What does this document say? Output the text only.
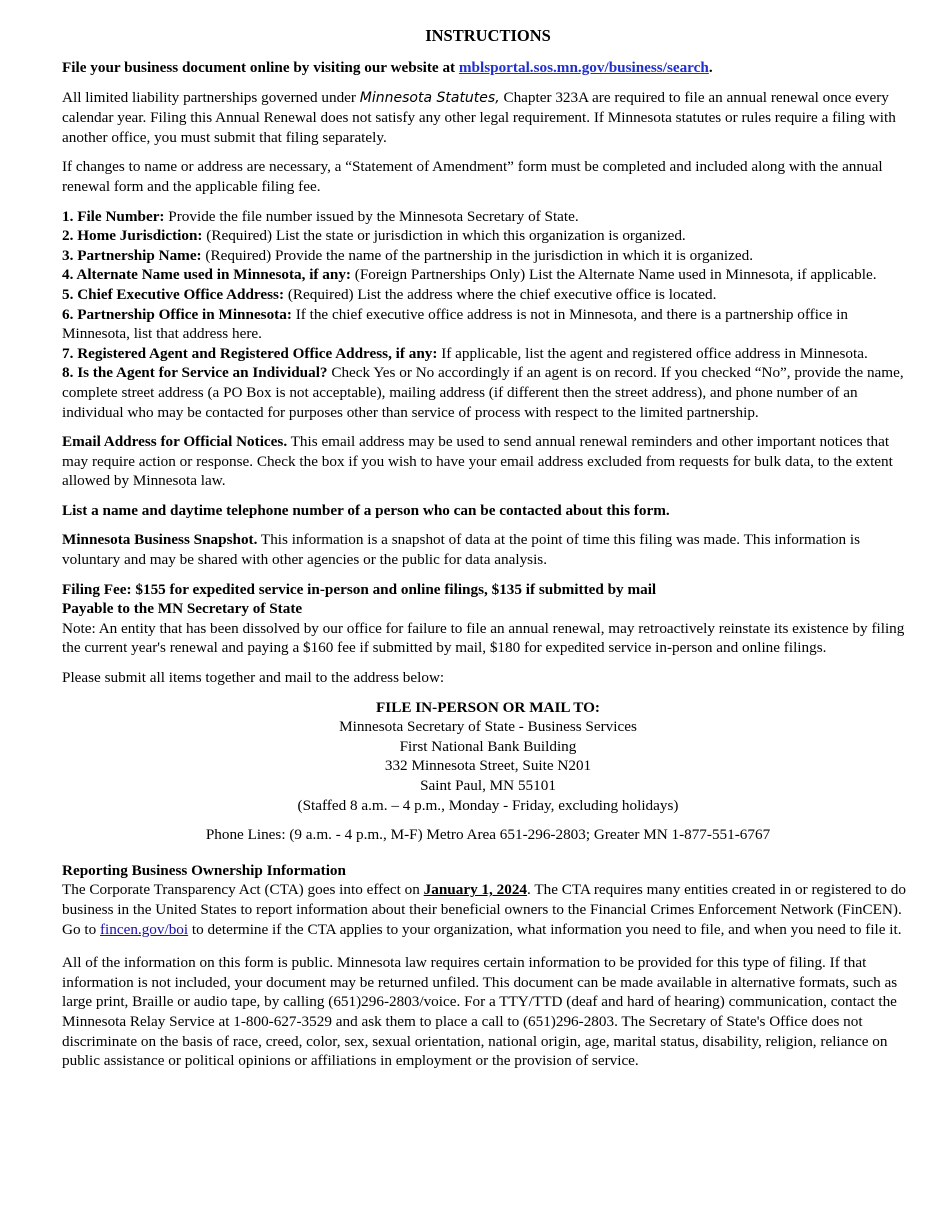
INSTRUCTIONS

File your business document online by visiting our website at mblsportal.sos.mn.gov/business/search.

All limited liability partnerships governed under Minnesota Statutes, Chapter 323A are required to file an annual renewal once every calendar year. Filing this Annual Renewal does not satisfy any other legal requirement. If Minnesota statutes or rules require a filing with another office, you must submit that filing separately.

If changes to name or address are necessary, a “Statement of Amendment” form must be completed and included along with the annual renewal form and the applicable filing fee.

1. File Number: Provide the file number issued by the Minnesota Secretary of State.
2. Home Jurisdiction: (Required) List the state or jurisdiction in which this organization is organized.
3. Partnership Name: (Required) Provide the name of the partnership in the jurisdiction in which it is organized.
4. Alternate Name used in Minnesota, if any: (Foreign Partnerships Only) List the Alternate Name used in Minnesota, if applicable.
5. Chief Executive Office Address: (Required) List the address where the chief executive office is located.
6. Partnership Office in Minnesota: If the chief executive office address is not in Minnesota, and there is a partnership office in Minnesota, list that address here.
7. Registered Agent and Registered Office Address, if any: If applicable, list the agent and registered office address in Minnesota.
8. Is the Agent for Service an Individual? Check Yes or No accordingly if an agent is on record. If you checked “No”, provide the name, complete street address (a PO Box is not acceptable), mailing address (if different then the street address), and phone number of an individual who may be contacted for purposes other than service of process with respect to the limited partnership.

Email Address for Official Notices. This email address may be used to send annual renewal reminders and other important notices that may require action or response. Check the box if you wish to have your email address excluded from requests for bulk data, to the extent allowed by Minnesota law.

List a name and daytime telephone number of a person who can be contacted about this form.

Minnesota Business Snapshot. This information is a snapshot of data at the point of time this filing was made. This information is voluntary and may be shared with other agencies or the public for data analysis.

Filing Fee: $155 for expedited service in-person and online filings, $135 if submitted by mail

Payable to the MN Secretary of State

Note: An entity that has been dissolved by our office for failure to file an annual renewal, may retroactively reinstate its existence by filing the current year's renewal and paying a $160 fee if submitted by mail, $180 for expedited service in-person and online filings.

Please submit all items together and mail to the address below:

FILE IN-PERSON OR MAIL TO:
Minnesota Secretary of State - Business Services
First National Bank Building
332 Minnesota Street, Suite N201
Saint Paul, MN 55101
(Staffed 8 a.m. – 4 p.m., Monday - Friday, excluding holidays)

Phone Lines: (9 a.m. - 4 p.m., M-F) Metro Area 651-296-2803; Greater MN 1-877-551-6767

Reporting Business Ownership Information

The Corporate Transparency Act (CTA) goes into effect on January 1, 2024. The CTA requires many entities created in or registered to do business in the United States to report information about their beneficial owners to the Financial Crimes Enforcement Network (FinCEN). Go to fincen.gov/boi to determine if the CTA applies to your organization, what information you need to file, and when you need to file it.

All of the information on this form is public. Minnesota law requires certain information to be provided for this type of filing. If that information is not included, your document may be returned unfiled. This document can be made available in alternative formats, such as large print, Braille or audio tape, by calling (651)296-2803/voice. For a TTY/TTD (deaf and hard of hearing) communication, contact the Minnesota Relay Service at 1-800-627-3529 and ask them to place a call to (651)296-2803. The Secretary of State's Office does not discriminate on the basis of race, creed, color, sex, sexual orientation, national origin, age, marital status, disability, religion, reliance on public assistance or political opinions or affiliations in employment or the provision of service.
